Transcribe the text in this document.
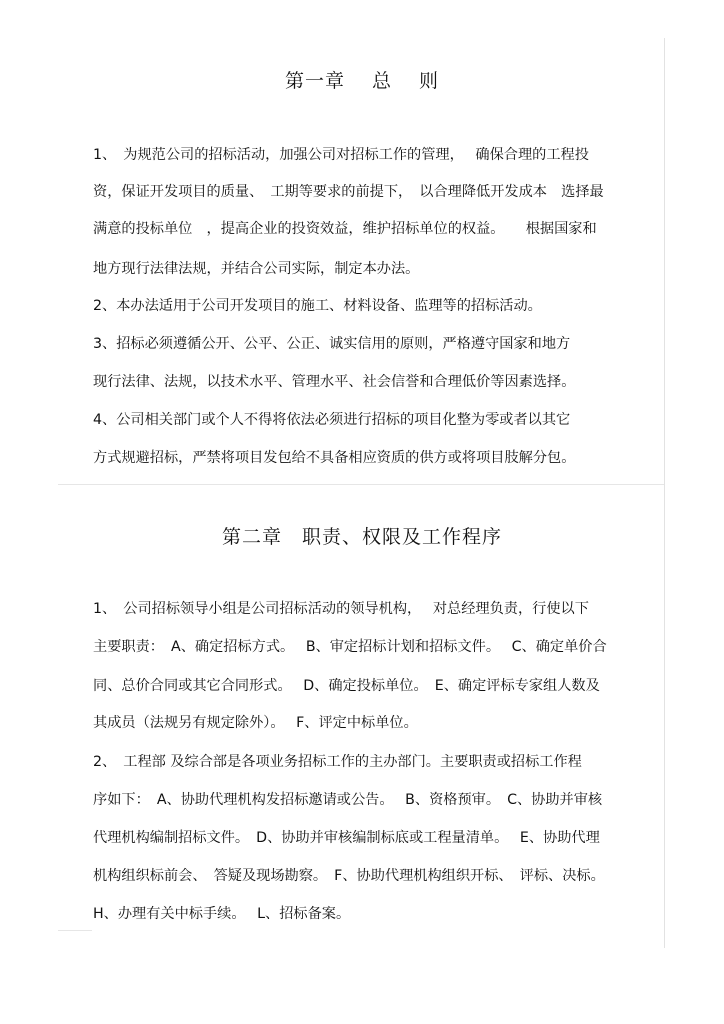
第一章　 总　 则
1、　为规范公司的招标活动，加强公司对招标工作的管理，　 确保合理的工程投
资，保证开发项目的质量、　工期等要求的前提下，　以合理降低开发成本　选择最
满意的投标单位　，提高企业的投资效益，维护招标单位的权益。　　根据国家和
地方现行法律法规，并结合公司实际，制定本办法。
2、本办法适用于公司开发项目的施工、材料设备、监理等的招标活动。
3、招标必须遵循公开、公平、公正、诚实信用的原则，严格遵守国家和地方
现行法律、法规，以技术水平、管理水平、社会信誉和合理低价等因素选择。
4、公司相关部门或个人不得将依法必须进行招标的项目化整为零或者以其它
方式规避招标，严禁将项目发包给不具备相应资质的供方或将项目肢解分包。
第二章　职责、权限及工作程序
1、　公司招标领导小组是公司招标活动的领导机构，　 对总经理负责，行使以下
主要职责：　A、确定招标方式。　 B、审定招标计划和招标文件。　 C、确定单价合
同、总价合同或其它合同形式。　 D、确定投标单位。　E、确定评标专家组人数及
其成员（法规另有规定除外）。　 F、评定中标单位。
2、　工程部 及综合部是各项业务招标工作的主办部门。主要职责或招标工作程
序如下：　A、协助代理机构发招标邀请或公告。　 B、资格预审。　C、协助并审核
代理机构编制招标文件。　D、协助并审核编制标底或工程量清单。　 E、协助代理
机构组织标前会、　答疑及现场勘察。　F、协助代理机构组织开标、　评标、决标。
H、办理有关中标手续。　 L、招标备案。
